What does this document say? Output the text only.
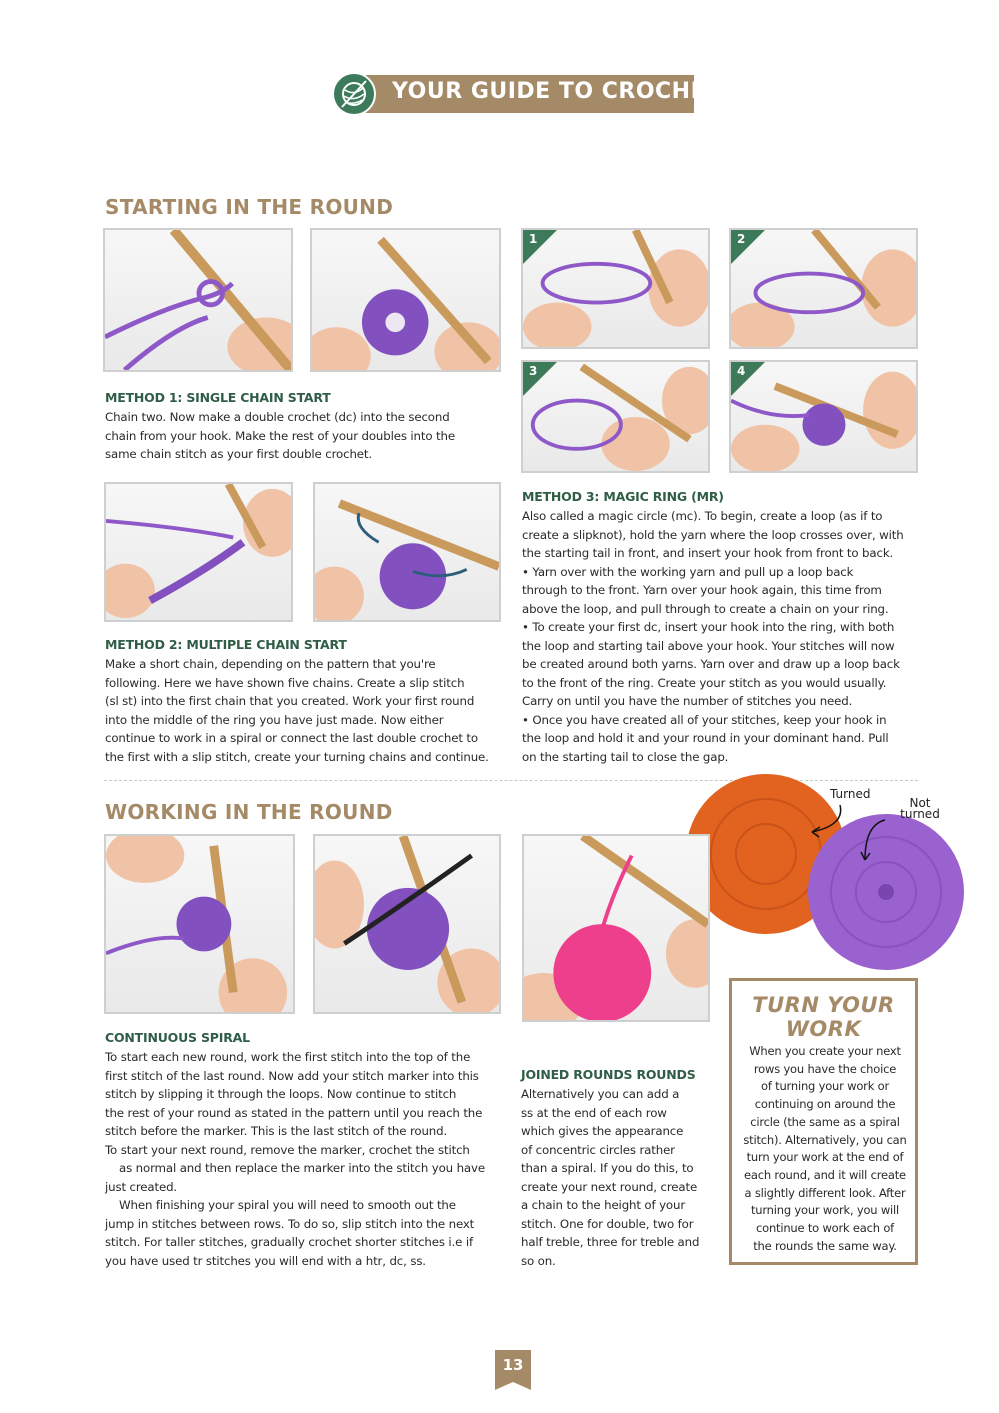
YOUR GUIDE TO CROCHET
STARTING IN THE ROUND
METHOD 1: SINGLE CHAIN START

Chain two. Now make a double crochet (dc) into the second

chain from your hook. Make the rest of your doubles into the

same chain stitch as your first double crochet.

METHOD 2: MULTIPLE CHAIN START

Make a short chain, depending on the pattern that you're

following. Here we have shown five chains. Create a slip stitch

(sl st) into the first chain that you created. Work your first round

into the middle of the ring you have just made. Now either

continue to work in a spiral or connect the last double crochet to

the first with a slip stitch, create your turning chains and continue.

1	2
3	4
METHOD 3: MAGIC RING (MR)

Also called a magic circle (mc). To begin, create a loop (as if to

create a slipknot), hold the yarn where the loop crosses over, with

the starting tail in front, and insert your hook from front to back.

• Yarn over with the working yarn and pull up a loop back

through to the front. Yarn over your hook again, this time from

above the loop, and pull through to create a chain on your ring.

• To create your first dc, insert your hook into the ring, with both

the loop and starting tail above your hook. Your stitches will now

be created around both yarns. Yarn over and draw up a loop back

to the front of the ring. Create your stitch as you would usually.

Carry on until you have the number of stitches you need.

• Once you have created all of your stitches, keep your hook in

the loop and hold it and your round in your dominant hand. Pull

on the starting tail to close the gap.

WORKING IN THE ROUND
Turned
Not turned
CONTINUOUS SPIRAL

To start each new round, work the first stitch into the top of the

first stitch of the last round. Now add your stitch marker into this

stitch by slipping it through the loops. Now continue to stitch

the rest of your round as stated in the pattern until you reach the

stitch before the marker. This is the last stitch of the round.

To start your next round, remove the marker, crochet the stitch

as normal and then replace the marker into the stitch you have

just created.

When finishing your spiral you will need to smooth out the

jump in stitches between rows. To do so, slip stitch into the next

stitch. For taller stitches, gradually crochet shorter stitches i.e if

you have used tr stitches you will end with a htr, dc, ss.

JOINED ROUNDS ROUNDS

Alternatively you can add a

ss at the end of each row

which gives the appearance

of concentric circles rather

than a spiral. If you do this, to

create your next round, create

a chain to the height of your

stitch. One for double, two for

half treble, three for treble and

so on.

TURN YOUR
WORK

When you create your next

rows you have the choice

of turning your work or

continuing on around the

circle (the same as a spiral

stitch). Alternatively, you can

turn your work at the end of

each round, and it will create

a slightly different look. After

turning your work, you will

continue to work each of

the rounds the same way.

13
